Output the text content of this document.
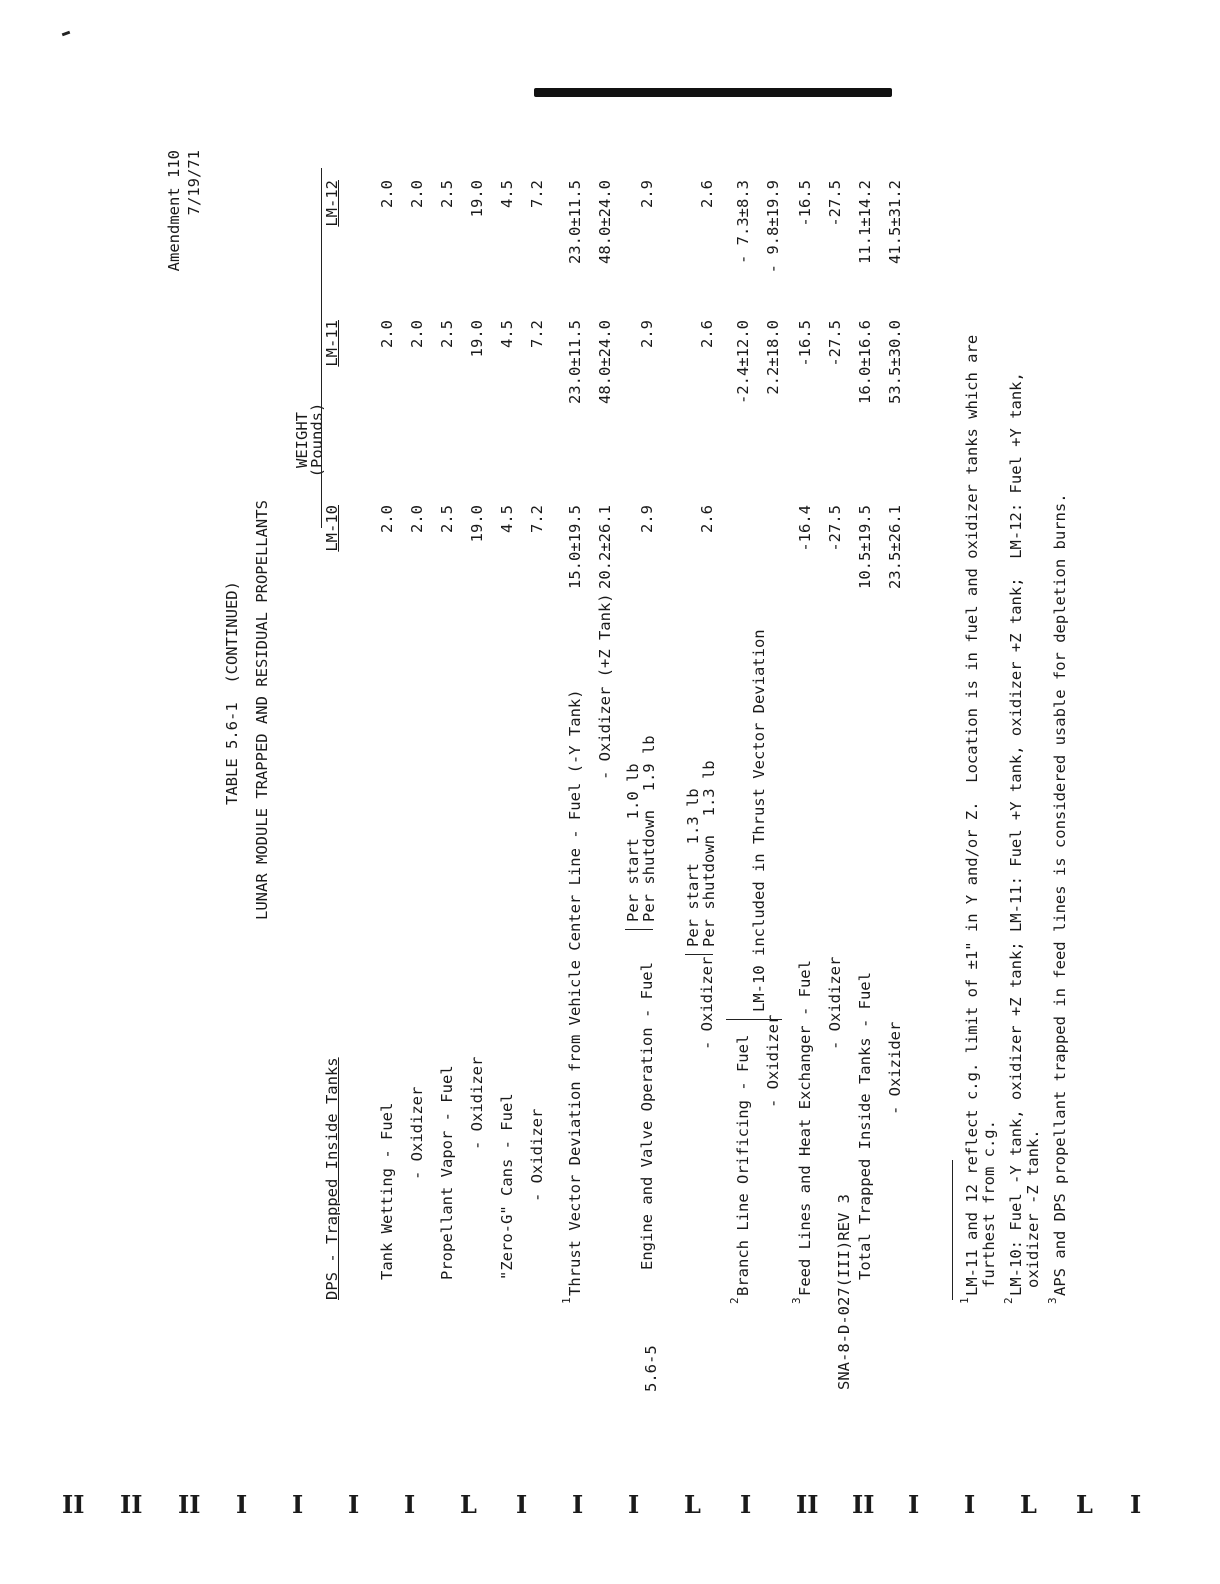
Amendment 110 7/19/71
TABLE 5.6-1  (CONTINUED) LUNAR MODULE TRAPPED AND RESIDUAL PROPELLANTS
WEIGHT
(Pounds)
DPS - Trapped Inside Tanks
LM-10
LM-11
LM-12
Tank Wetting - Fuel
2.0
2.0
2.0
- Oxidizer
2.0
2.0
2.0
Propellant Vapor - Fuel
2.5
2.5
2.5
- Oxidizer
19.0
19.0
19.0
"Zero-G" Cans - Fuel
4.5
4.5
4.5
- Oxidizer
7.2
7.2
7.2
1
Thrust Vector Deviation from Vehicle Center Line - Fuel (-Y Tank)
15.0±19.5
23.0±11.5
23.0±11.5
- Oxidizer (+Z Tank)
20.2±26.1
48.0±24.0
48.0±24.0
Engine and Valve Operation - Fuel
Per start  1.0 lb
Per shutdown  1.9 lb
2.9
2.9
2.9
- Oxidizer
Per start  1.3 lb
Per shutdown  1.3 lb
2.6
2.6
2.6
2
Branch Line Orificing - Fuel
LM-10 included in Thrust Vector Deviation
-2.4±12.0
- 7.3±8.3
- Oxidizer
2.2±18.0
- 9.8±19.9
3
Feed Lines and Heat Exchanger - Fuel
-16.4
-16.5
-16.5
- Oxidizer
-27.5
-27.5
-27.5
Total Trapped Inside Tanks - Fuel
10.5±19.5
16.0±16.6
11.1±14.2
- Oxizider
23.5±26.1
53.5±30.0
41.5±31.2
1
LM-11 and 12 reflect c.g. limit of ±1" in Y and/or Z.  Location is in fuel and oxidizer tanks which are furthest from c.g.
2
LM-10: Fuel -Y tank, oxidizer +Z tank; LM-11: Fuel +Y tank, oxidizer +Z tank;  LM-12: Fuel +Y tank, oxidizer -Z tank.
3
APS and DPS propellant trapped in feed lines is considered usable for depletion burns.
5.6-5	SNA-8-D-027(III)REV 3
II II II I I I I L I I I L I II II I I L L I
